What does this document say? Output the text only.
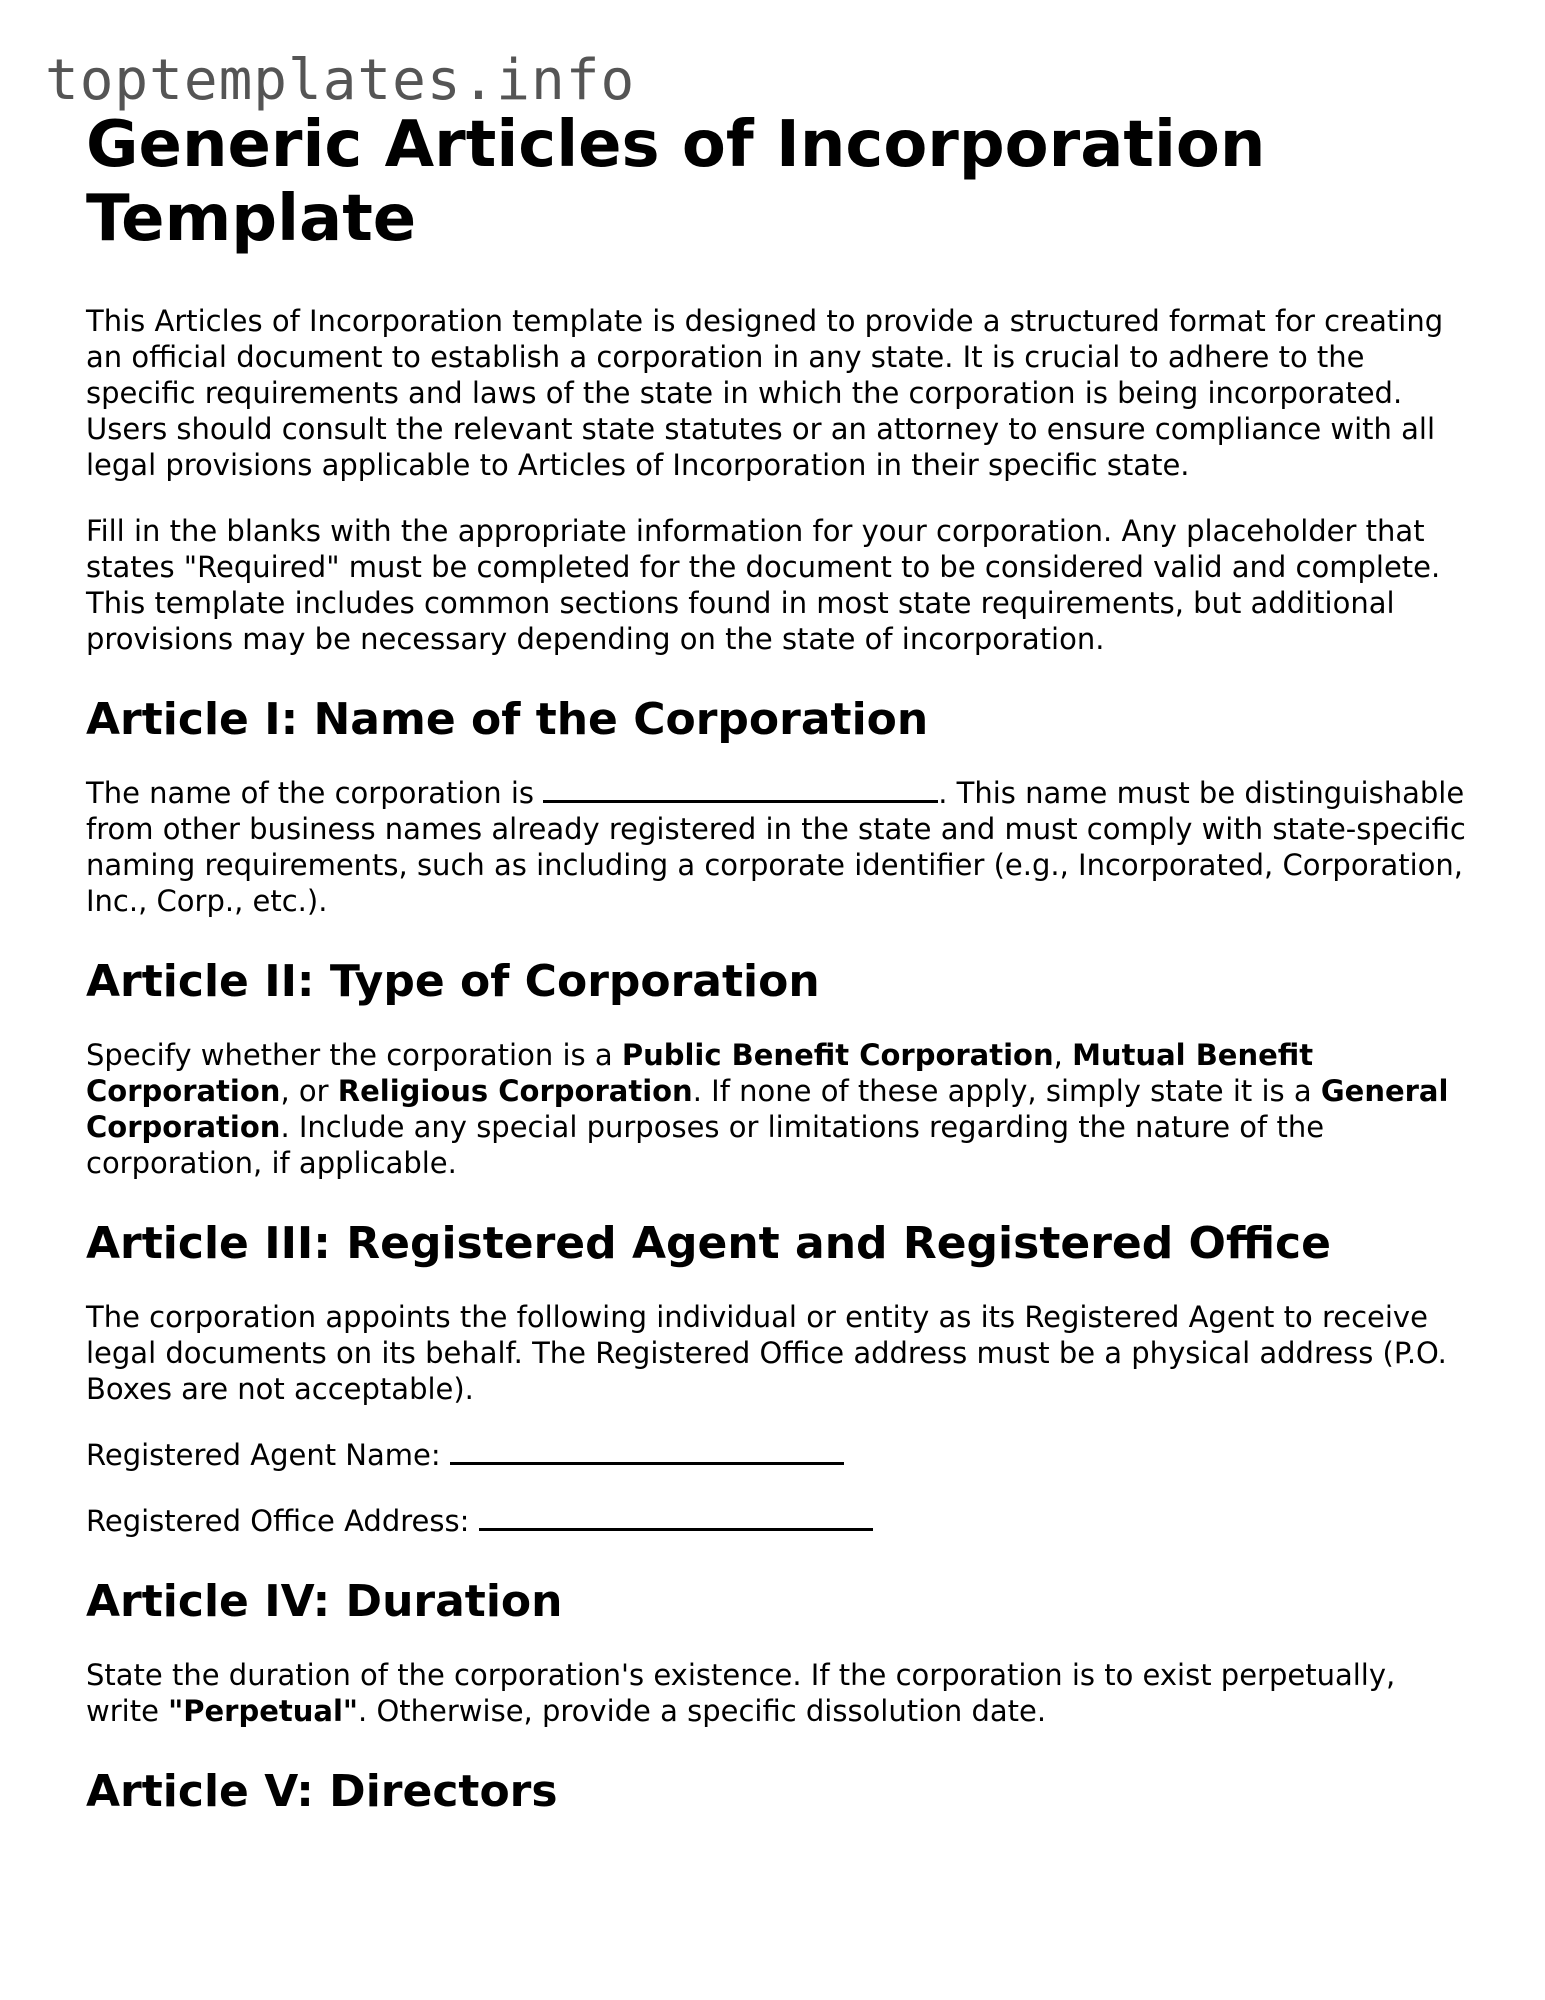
toptemplates.info
Generic Articles of Incorporation Template

This Articles of Incorporation template is designed to provide a structured format for creating an official document to establish a corporation in any state. It is crucial to adhere to the specific requirements and laws of the state in which the corporation is being incorporated. Users should consult the relevant state statutes or an attorney to ensure compliance with all legal provisions applicable to Articles of Incorporation in their specific state.

Fill in the blanks with the appropriate information for your corporation. Any placeholder that states "Required" must be completed for the document to be considered valid and complete. This template includes common sections found in most state requirements, but additional provisions may be necessary depending on the state of incorporation.

Article I: Name of the Corporation

The name of the corporation is	. This name must be distinguishable from other business names already registered in the state and must comply with state-specific naming requirements, such as including a corporate identifier (e.g., Incorporated, Corporation, Inc., Corp., etc.).

Article II: Type of Corporation

Specify whether the corporation is a Public Benefit Corporation, Mutual Benefit Corporation, or Religious Corporation. If none of these apply, simply state it is a General Corporation. Include any special purposes or limitations regarding the nature of the corporation, if applicable.

Article III: Registered Agent and Registered Office

The corporation appoints the following individual or entity as its Registered Agent to receive legal documents on its behalf. The Registered Office address must be a physical address (P.O. Boxes are not acceptable).

Registered Agent Name:

Registered Office Address:

Article IV: Duration

State the duration of the corporation's existence. If the corporation is to exist perpetually, write "Perpetual". Otherwise, provide a specific dissolution date.

Article V: Directors
